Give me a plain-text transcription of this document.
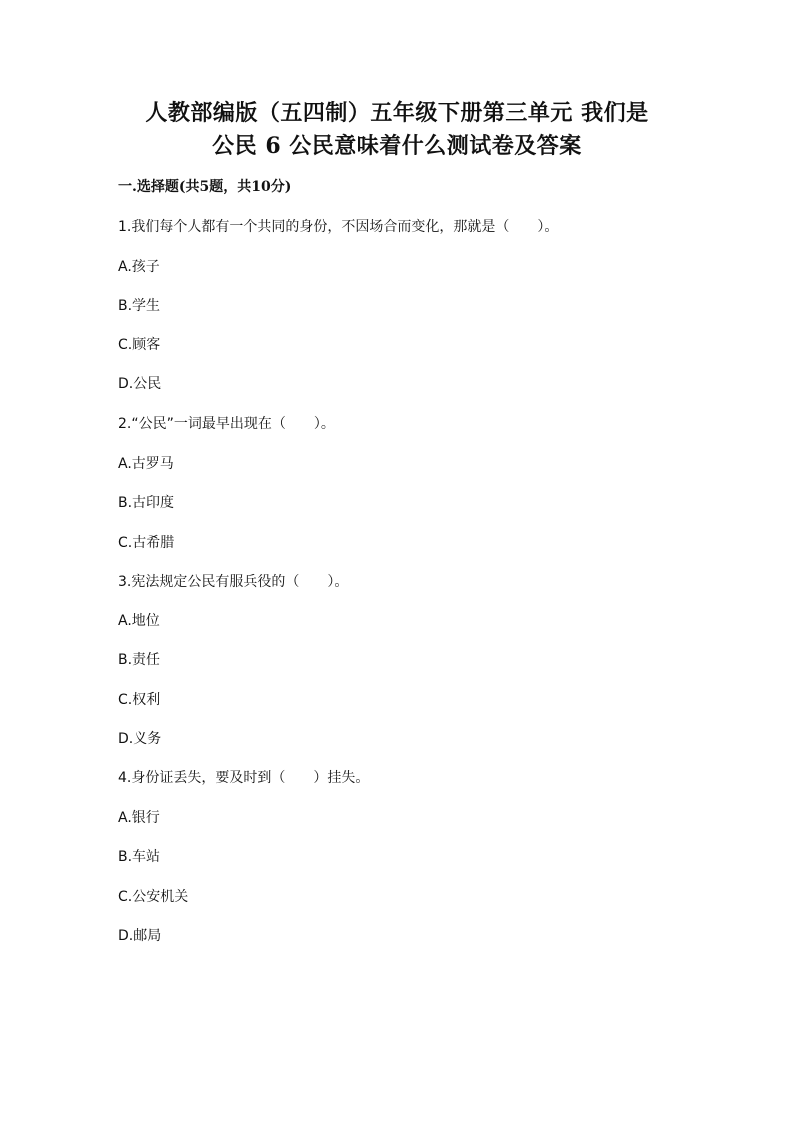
人教部编版（五四制）五年级下册第三单元 我们是
公民 6 公民意味着什么测试卷及答案
一.选择题(共5题，共10分)
1.我们每个人都有一个共同的身份，不因场合而变化，那就是（　　）。
A.孩子
B.学生
C.顾客
D.公民
2.“公民”一词最早出现在（　　）。
A.古罗马
B.古印度
C.古希腊
3.宪法规定公民有服兵役的（　　）。
A.地位
B.责任
C.权利
D.义务
4.身份证丢失，要及时到（　　）挂失。
A.银行
B.车站
C.公安机关
D.邮局
